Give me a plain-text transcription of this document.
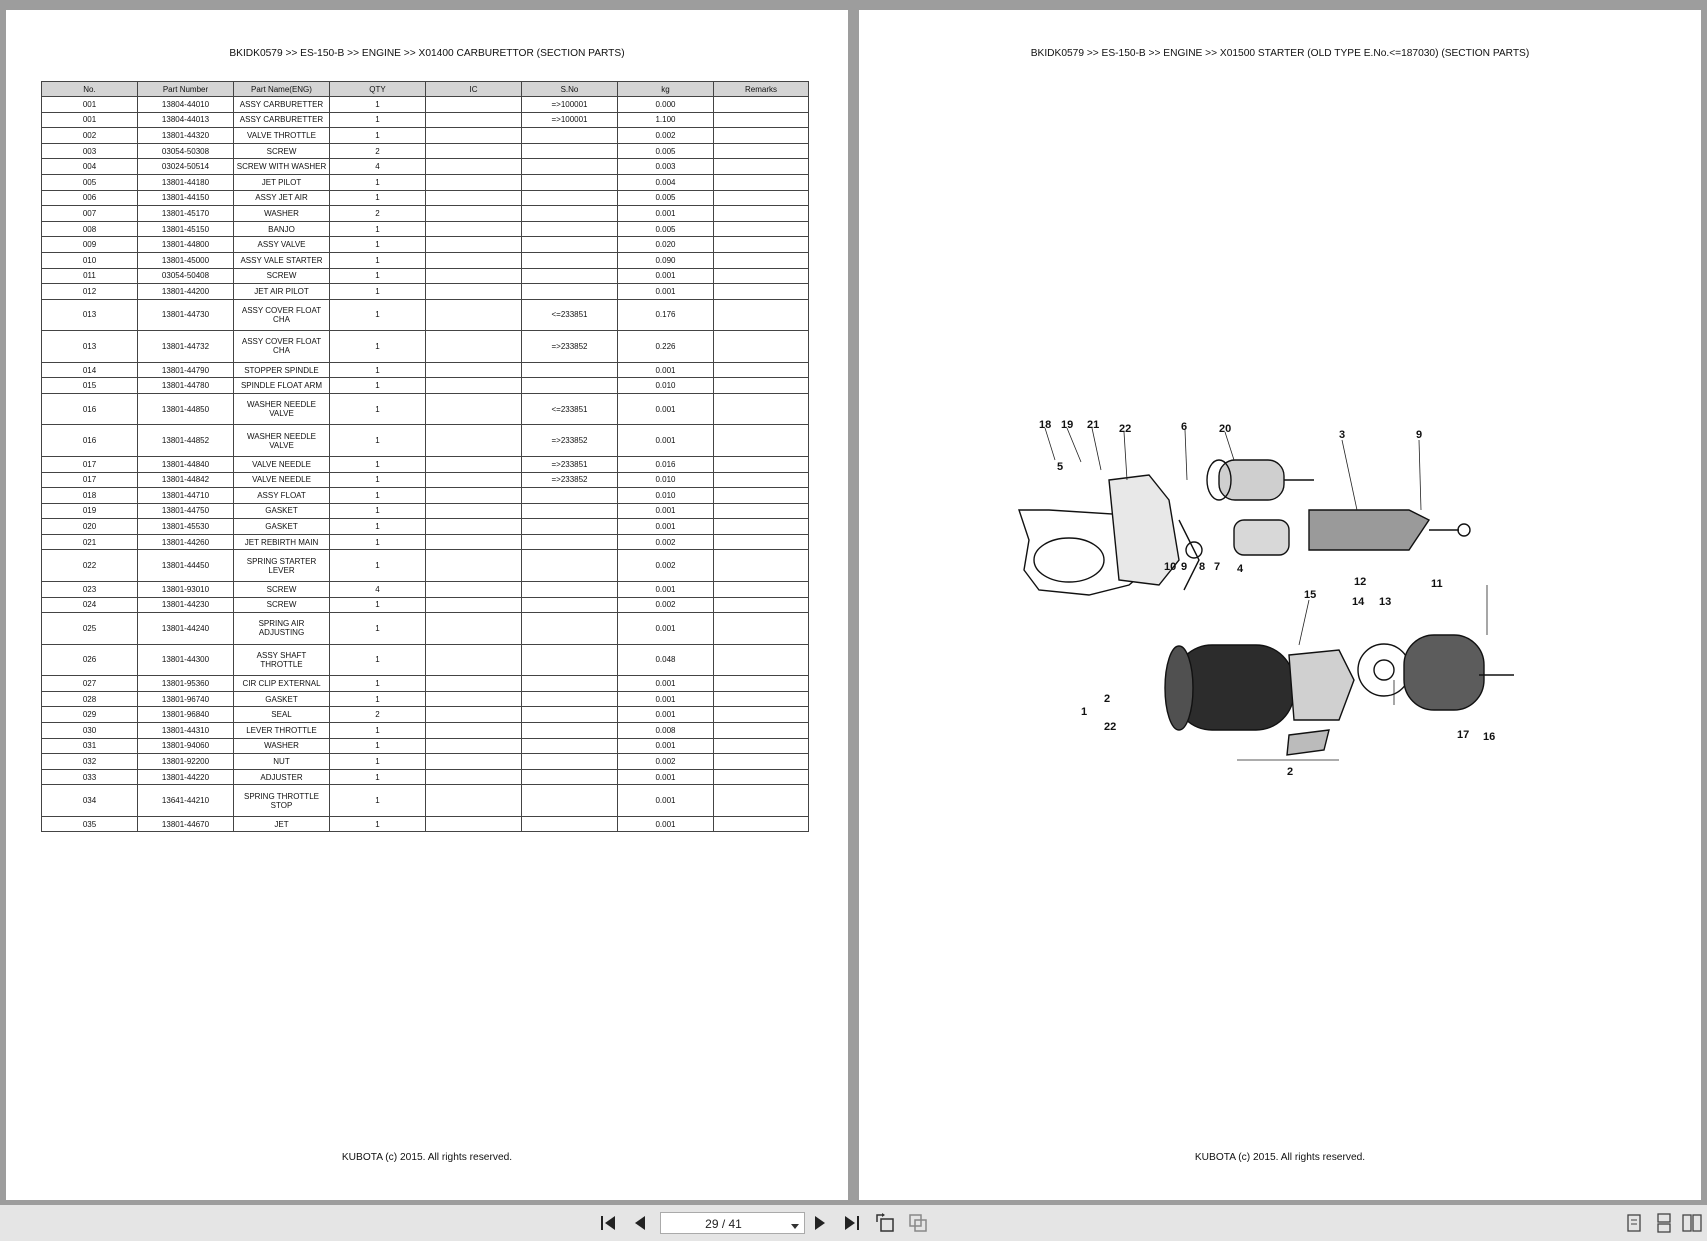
BKIDK0579 >> ES-150-B >> ENGINE >> X01400 CARBURETTOR (SECTION PARTS)
No.	Part Number	Part Name(ENG)	QTY	IC	S.No	kg	Remarks
001	13804-44010	ASSY CARBURETTER	1		=>100001	0.000	
001	13804-44013	ASSY CARBURETTER	1		=>100001	1.100	
002	13801-44320	VALVE THROTTLE	1			0.002	
003	03054-50308	SCREW	2			0.005	
004	03024-50514	SCREW WITH WASHER	4			0.003	
005	13801-44180	JET PILOT	1			0.004	
006	13801-44150	ASSY JET AIR	1			0.005	
007	13801-45170	WASHER	2			0.001	
008	13801-45150	BANJO	1			0.005	
009	13801-44800	ASSY VALVE	1			0.020	
010	13801-45000	ASSY VALE STARTER	1			0.090	
011	03054-50408	SCREW	1			0.001	
012	13801-44200	JET AIR PILOT	1			0.001	
013	13801-44730	ASSY COVER FLOAT CHA	1		<=233851	0.176	
013	13801-44732	ASSY COVER FLOAT CHA	1		=>233852	0.226	
014	13801-44790	STOPPER SPINDLE	1			0.001	
015	13801-44780	SPINDLE FLOAT ARM	1			0.010	
016	13801-44850	WASHER NEEDLE VALVE	1		<=233851	0.001	
016	13801-44852	WASHER NEEDLE VALVE	1		=>233852	0.001	
017	13801-44840	VALVE NEEDLE	1		=>233851	0.016	
017	13801-44842	VALVE NEEDLE	1		=>233852	0.010	
018	13801-44710	ASSY FLOAT	1			0.010	
019	13801-44750	GASKET	1			0.001	
020	13801-45530	GASKET	1			0.001	
021	13801-44260	JET REBIRTH MAIN	1			0.002	
022	13801-44450	SPRING STARTER LEVER	1			0.002	
023	13801-93010	SCREW	4			0.001	
024	13801-44230	SCREW	1			0.002	
025	13801-44240	SPRING AIR ADJUSTING	1			0.001	
026	13801-44300	ASSY SHAFT THROTTLE	1			0.048	
027	13801-95360	CIR CLIP EXTERNAL	1			0.001	
028	13801-96740	GASKET	1			0.001	
029	13801-96840	SEAL	2			0.001	
030	13801-44310	LEVER THROTTLE	1			0.008	
031	13801-94060	WASHER	1			0.001	
032	13801-92200	NUT	1			0.002	
033	13801-44220	ADJUSTER	1			0.001	
034	13641-44210	SPRING THROTTLE STOP	1			0.001	
035	13801-44670	JET	1			0.001	
KUBOTA (c) 2015. All rights reserved.
BKIDK0579 >> ES-150-B >> ENGINE >> X01500 STARTER (OLD TYPE E.No.<=187030) (SECTION PARTS)
18 19 21 22	6	20	3	9
5
10 9 8 7 4
15
12
14 13
11
1
2
22
2
17 16
KUBOTA (c) 2015. All rights reserved.
29 / 41
